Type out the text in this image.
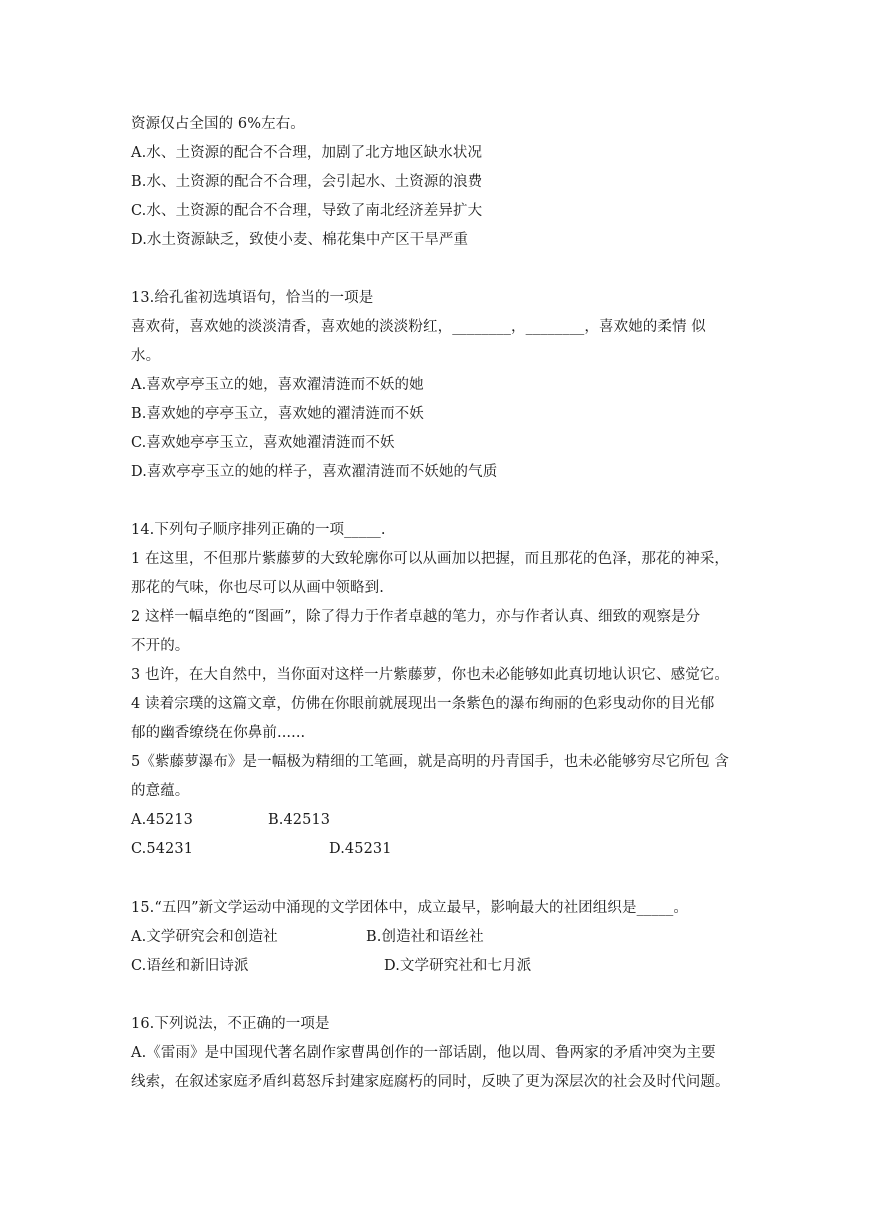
资源仅占全国的 6%左右。
A.水、土资源的配合不合理，加剧了北方地区缺水状况
B.水、土资源的配合不合理，会引起水、土资源的浪费
C.水、土资源的配合不合理，导致了南北经济差异扩大
D.水土资源缺乏，致使小麦、棉花集中产区干旱严重
13.给孔雀初选填语句，恰当的一项是
喜欢荷，喜欢她的淡淡清香，喜欢她的淡淡粉红，________，________，喜欢她的柔情 似
水。
A.喜欢亭亭玉立的她，喜欢濯清涟而不妖的她
B.喜欢她的亭亭玉立，喜欢她的濯清涟而不妖
C.喜欢她亭亭玉立，喜欢她濯清涟而不妖
D.喜欢亭亭玉立的她的样子，喜欢濯清涟而不妖她的气质
14.下列句子顺序排列正确的一项_____.
1 在这里，不但那片紫藤萝的大致轮廓你可以从画加以把握，而且那花的色泽，那花的神采，
那花的气味，你也尽可以从画中领略到.
2 这样一幅卓绝的“图画”，除了得力于作者卓越的笔力，亦与作者认真、细致的观察是分
不开的。
3 也许，在大自然中，当你面对这样一片紫藤萝，你也未必能够如此真切地认识它、感觉它。
4 读着宗璞的这篇文章，仿佛在你眼前就展现出一条紫色的瀑布绚丽的色彩曳动你的目光郁
郁的幽香缭绕在你鼻前......
5《紫藤萝瀑布》是一幅极为精细的工笔画，就是高明的丹青国手，也未必能够穷尽它所包 含
的意蕴。
A.45213	B.42513
C.54231	D.45231
15.“五四”新文学运动中涌现的文学团体中，成立最早，影响最大的社团组织是_____。
A.文学研究会和创造社	B.创造社和语丝社
C.语丝和新旧诗派	D.文学研究社和七月派
16.下列说法，不正确的一项是
A.《雷雨》是中国现代著名剧作家曹禺创作的一部话剧，他以周、鲁两家的矛盾冲突为主要
线索，在叙述家庭矛盾纠葛怒斥封建家庭腐朽的同时，反映了更为深层次的社会及时代问题。
